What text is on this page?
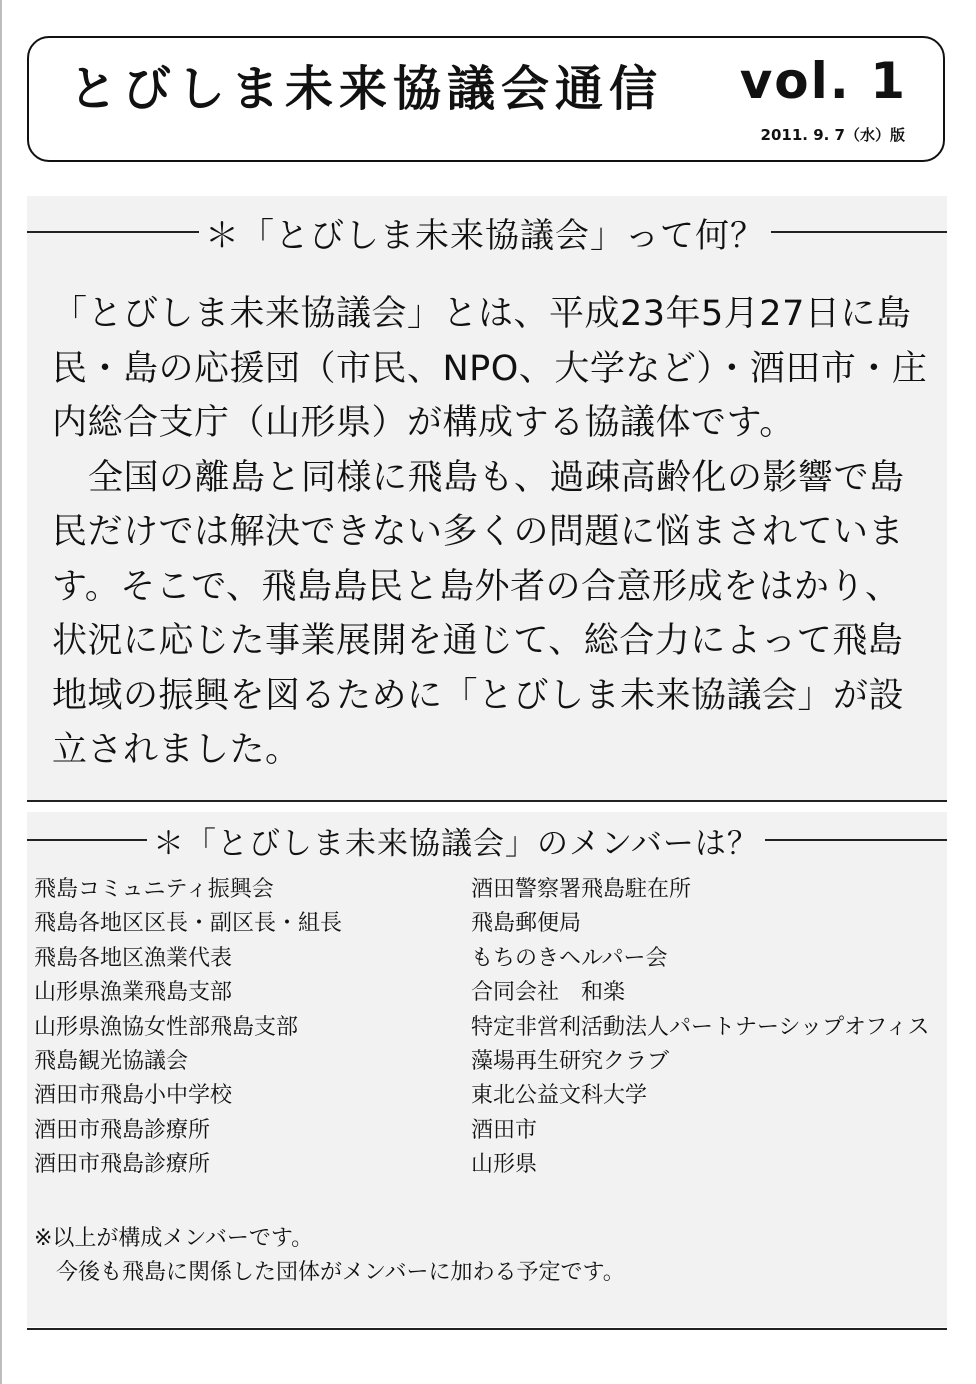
とびしま未来協議会通信 vol. 1
2011. 9. 7（水）版
＊「とびしま未来協議会」って何？

「とびしま未来協議会」とは、平成23年5月27日に島民・島の応援団（市民、NPO、大学など）・酒田市・庄内総合支庁（山形県）が構成する協議体です。

全国の離島と同様に飛島も、過疎高齢化の影響で島民だけでは解決できない多くの問題に悩まされています。そこで、飛島島民と島外者の合意形成をはかり、状況に応じた事業展開を通じて、総合力によって飛島地域の振興を図るために「とびしま未来協議会」が設立されました。

＊「とびしま未来協議会」のメンバーは？
飛島コミュニティ振興会
飛島各地区区長・副区長・組長
飛島各地区漁業代表
山形県漁業飛島支部
山形県漁協女性部飛島支部
飛島観光協議会
酒田市飛島小中学校
酒田市飛島診療所
酒田市飛島診療所
酒田警察署飛島駐在所
飛島郵便局
もちのきヘルパー会
合同会社　和楽
特定非営利活動法人パートナーシップオフィス
藻場再生研究クラブ
東北公益文科大学
酒田市
山形県
※以上が構成メンバーです。
今後も飛島に関係した団体がメンバーに加わる予定です。
